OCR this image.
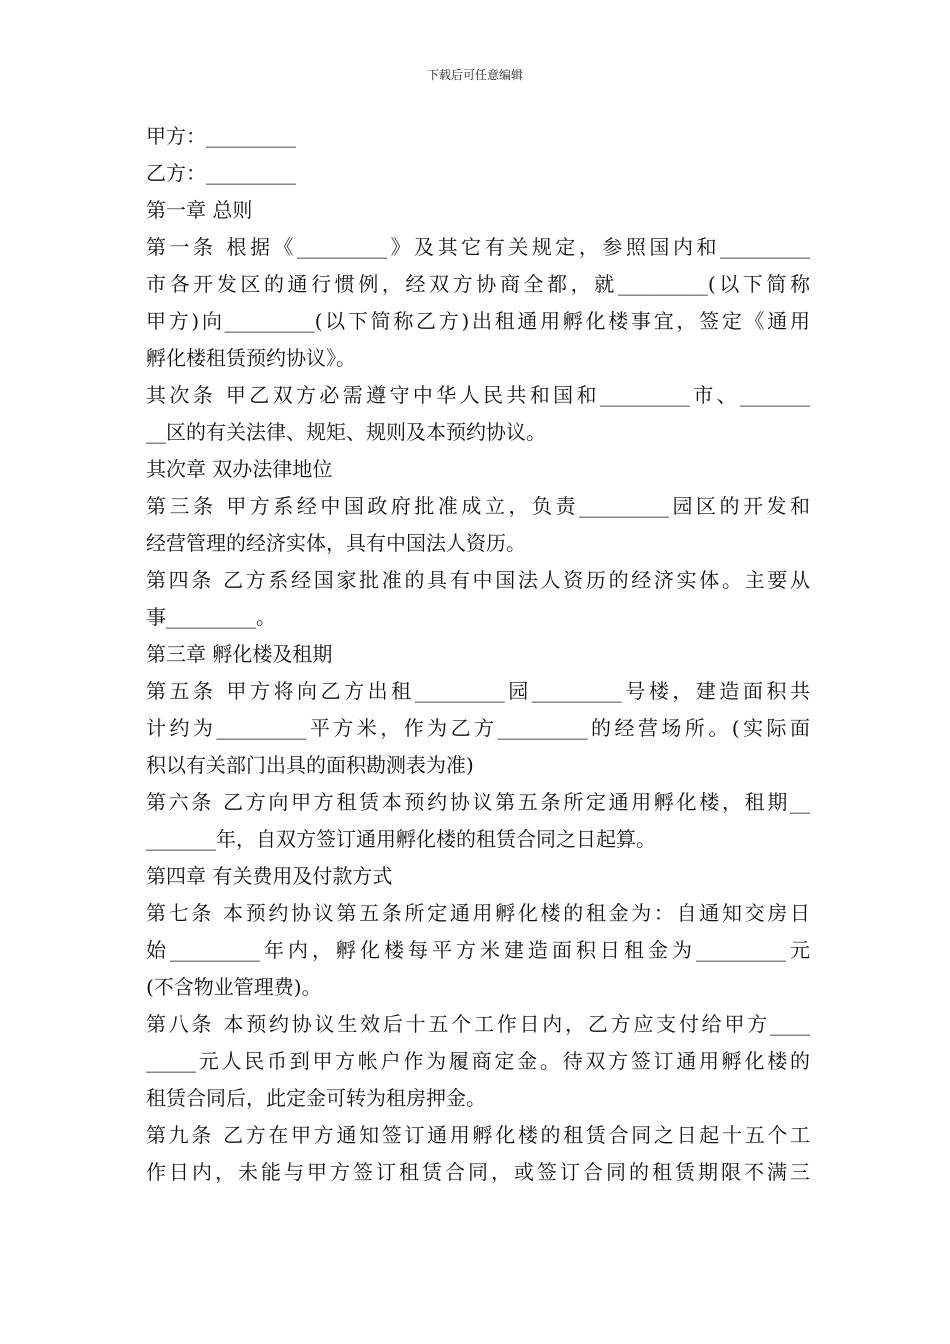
下载后可任意编辑
甲方：_________
乙方：_________
第一章 总则
第一条 根据《_________》及其它有关规定，参照国内和_________
市各开发区的通行惯例，经双方协商全都，就_________(以下简称
甲方)向_________(以下简称乙方)出租通用孵化楼事宜，签定《通用
孵化楼租赁预约协议》。
其次条 甲乙双方必需遵守中华人民共和国和_________市、_______
__区的有关法律、规矩、规则及本预约协议。
其次章 双办法律地位
第三条 甲方系经中国政府批准成立，负责_________园区的开发和
经营管理的经济实体，具有中国法人资历。
第四条 乙方系经国家批准的具有中国法人资历的经济实体。主要从
事_________。
第三章 孵化楼及租期
第五条 甲方将向乙方出租_________园_________号楼，建造面积共
计约为_________平方米，作为乙方_________的经营场所。(实际面
积以有关部门出具的面积勘测表为准)
第六条 乙方向甲方租赁本预约协议第五条所定通用孵化楼，租期__
_______年，自双方签订通用孵化楼的租赁合同之日起算。
第四章 有关费用及付款方式
第七条 本预约协议第五条所定通用孵化楼的租金为：自通知交房日
始_________年内，孵化楼每平方米建造面积日租金为_________元
(不含物业管理费)。
第八条 本预约协议生效后十五个工作日内，乙方应支付给甲方____
_____元人民币到甲方帐户作为履商定金。待双方签订通用孵化楼的
租赁合同后，此定金可转为租房押金。
第九条 乙方在甲方通知签订通用孵化楼的租赁合同之日起十五个工
作日内，未能与甲方签订租赁合同，或签订合同的租赁期限不满三
